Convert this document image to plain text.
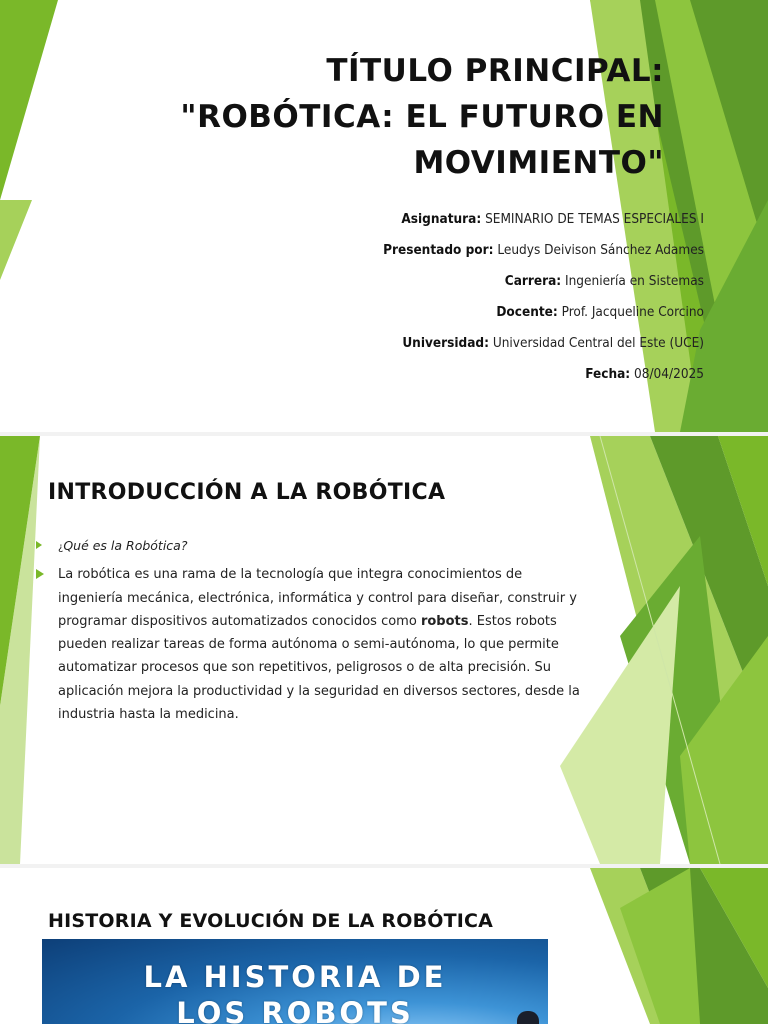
TÍTULO PRINCIPAL:
"ROBÓTICA: EL FUTURO EN
MOVIMIENTO"
Asignatura: SEMINARIO DE TEMAS ESPECIALES I
Presentado por: Leudys Deivison Sánchez Adames
Carrera: Ingeniería en Sistemas
Docente: Prof. Jacqueline Corcino
Universidad: Universidad Central del Este (UCE)
Fecha: 08/04/2025
INTRODUCCIÓN A LA ROBÓTICA
¿Qué es la Robótica?
La robótica es una rama de la tecnología que integra conocimientos de ingeniería mecánica, electrónica, informática y control para diseñar, construir y programar dispositivos automatizados conocidos como robots. Estos robots pueden realizar tareas de forma autónoma o semi-autónoma, lo que permite automatizar procesos que son repetitivos, peligrosos o de alta precisión. Su aplicación mejora la productividad y la seguridad en diversos sectores, desde la industria hasta la medicina.
HISTORIA Y EVOLUCIÓN DE LA ROBÓTICA
LA HISTORIA DE
LOS ROBOTS
